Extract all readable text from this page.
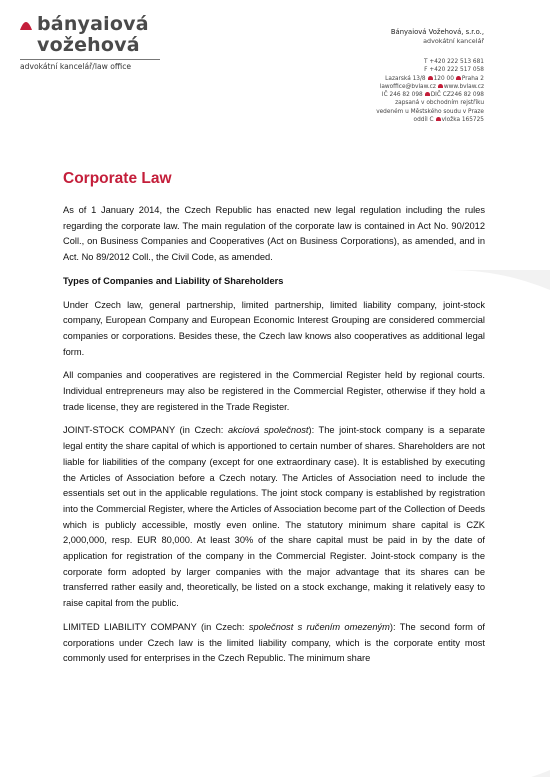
bányaiová
vožehová
advokátní kancelář/law office
Bányaiová Vožehová, s.r.o.,
advokátní kancelář
T +420 222 513 681
F +420 222 517 058
Lazarská 13/8 120 00 Praha 2
lawoffice@bvlaw.cz www.bvlaw.cz
IČ 246 82 098 DIČ CZ246 82 098
zapsaná v obchodním rejstříku
vedeném u Městského soudu v Praze
oddíl C vložka 165725
Corporate Law

As of 1 January 2014, the Czech Republic has enacted new legal regulation including the rules regarding the corporate law. The main regulation of the corporate law is contained in Act No. 90/2012 Coll., on Business Companies and Cooperatives (Act on Business Corporations), as amended, and in Act. No 89/2012 Coll., the Civil Code, as amended.

Types of Companies and Liability of Shareholders

Under Czech law, general partnership, limited partnership, limited liability company, joint-stock company, European Company and European Economic Interest Grouping are considered commercial companies or corporations. Besides these, the Czech law knows also cooperatives as additional legal form.

All companies and cooperatives are registered in the Commercial Register held by regional courts. Individual entrepreneurs may also be registered in the Commercial Register, otherwise if they hold a trade license, they are registered in the Trade Register.

JOINT-STOCK COMPANY (in Czech: akciová společnost): The joint-stock company is a separate legal entity the share capital of which is apportioned to certain number of shares. Shareholders are not liable for liabilities of the company (except for one extraordinary case). It is established by executing the Articles of Association before a Czech notary. The Articles of Association need to include the essentials set out in the applicable regulations. The joint stock company is established by registration into the Commercial Register, where the Articles of Association become part of the Collection of Deeds which is publicly accessible, mostly even online. The statutory minimum share capital is CZK 2,000,000, resp. EUR 80,000. At least 30% of the share capital must be paid in by the date of application for registration of the company in the Commercial Register. Joint-stock company is the corporate form adopted by larger companies with the major advantage that its shares can be transferred rather easily and, theoretically, be listed on a stock exchange, making it relatively easy to raise capital from the public.

LIMITED LIABILITY COMPANY (in Czech: společnost s ručením omezeným): The second form of corporations under Czech law is the limited liability company, which is the corporate entity most commonly used for enterprises in the Czech Republic. The minimum share
